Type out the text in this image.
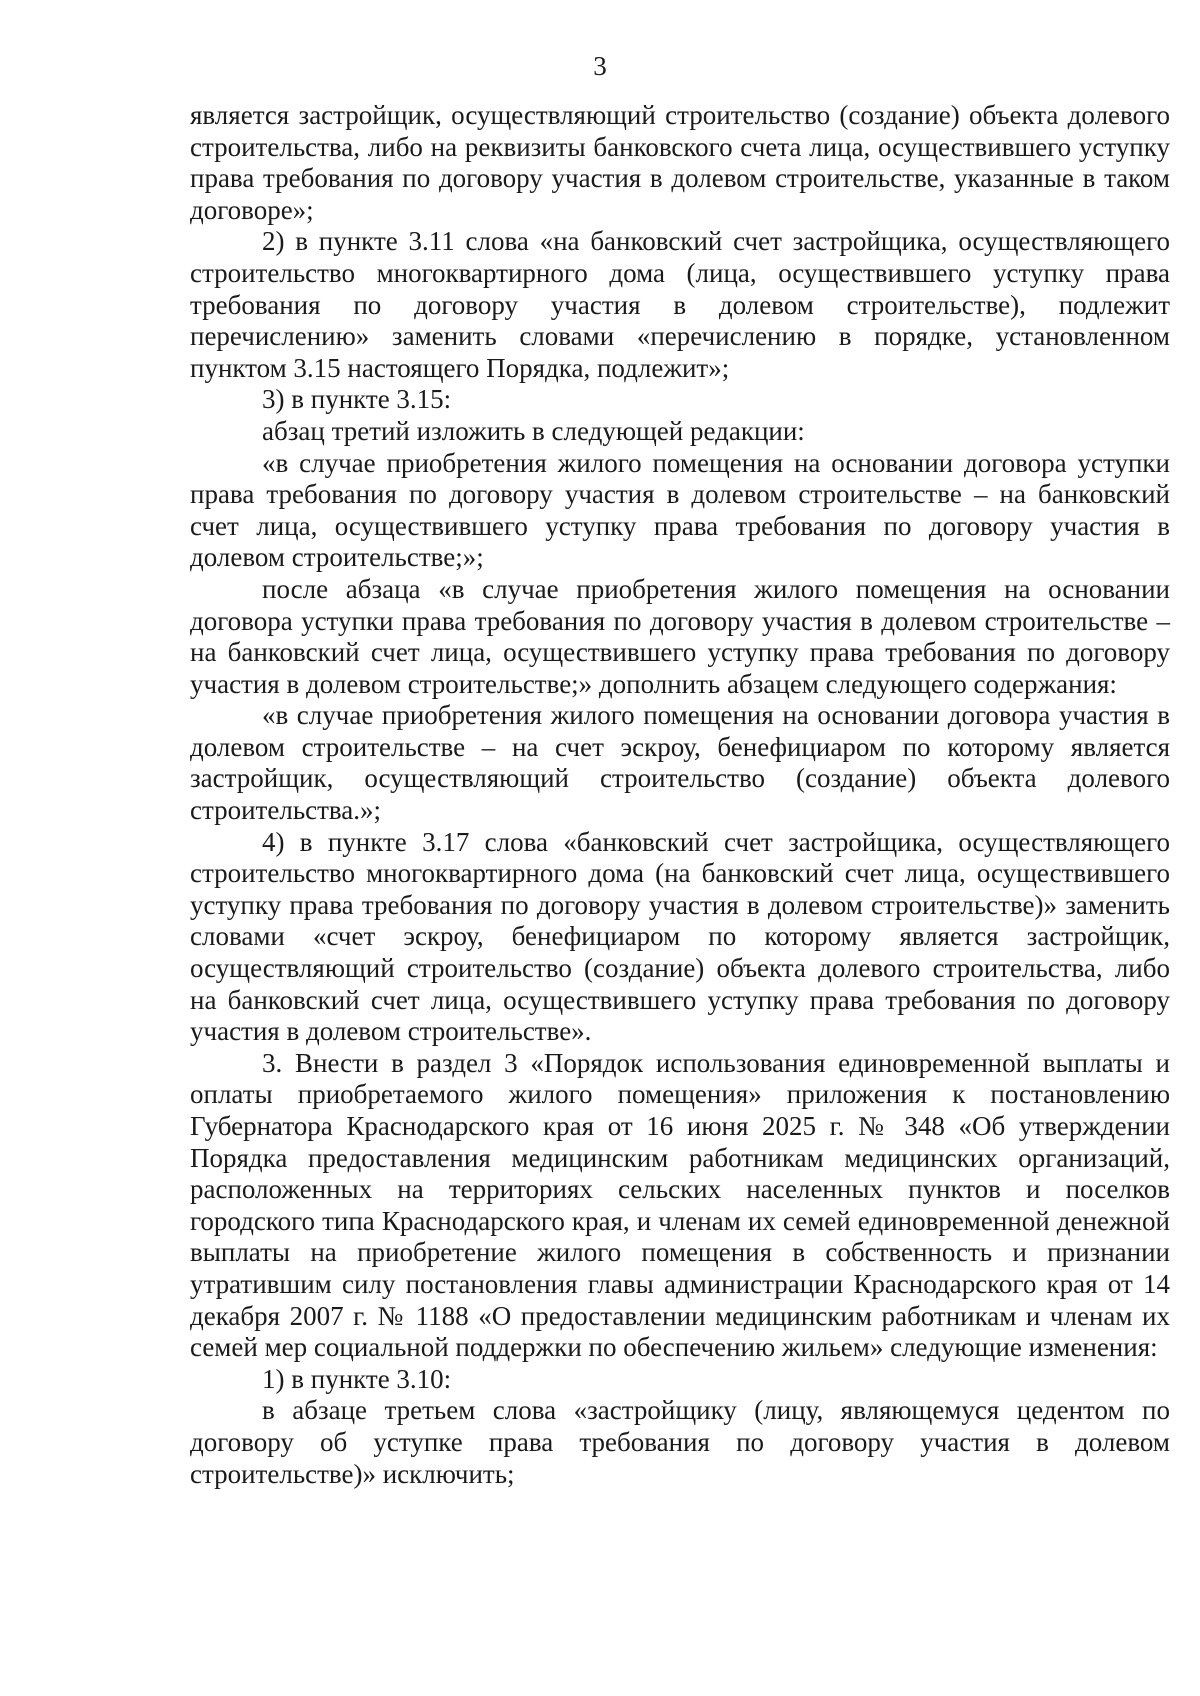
3

является застройщик, осуществляющий строительство (создание) объекта долевого строительства, либо на реквизиты банковского счета лица, осуществившего уступку права требования по договору участия в долевом строительстве, указанные в таком договоре»;

2) в пункте 3.11 слова «на банковский счет застройщика, осуществляющего строительство многоквартирного дома (лица, осуществившего уступку права требования по договору участия в долевом строительстве), подлежит перечислению» заменить словами «перечислению в порядке, установленном пунктом 3.15 настоящего Порядка, подлежит»;

3) в пункте 3.15:

абзац третий изложить в следующей редакции:

«в случае приобретения жилого помещения на основании договора уступки права требования по договору участия в долевом строительстве – на банковский счет лица, осуществившего уступку права требования по договору участия в долевом строительстве;»;

после абзаца «в случае приобретения жилого помещения на основании договора уступки права требования по договору участия в долевом строительстве – на банковский счет лица, осуществившего уступку права требования по договору участия в долевом строительстве;» дополнить абзацем следующего содержания:

«в случае приобретения жилого помещения на основании договора участия в долевом строительстве – на счет эскроу, бенефициаром по которому является застройщик, осуществляющий строительство (создание) объекта долевого строительства.»;

4) в пункте 3.17 слова «банковский счет застройщика, осуществляющего строительство многоквартирного дома (на банковский счет лица, осуществившего уступку права требования по договору участия в долевом строительстве)» заменить словами «счет эскроу, бенефициаром по которому является застройщик, осуществляющий строительство (создание) объекта долевого строительства, либо на банковский счет лица, осуществившего уступку права требования по договору участия в долевом строительстве».

3. Внести в раздел 3 «Порядок использования единовременной выплаты и оплаты приобретаемого жилого помещения» приложения к постановлению Губернатора Краснодарского края от 16 июня 2025 г. № 348 «Об утверждении Порядка предоставления медицинским работникам медицинских организаций, расположенных на территориях сельских населенных пунктов и поселков городского типа Краснодарского края, и членам их семей единовременной денежной выплаты на приобретение жилого помещения в собственность и признании утратившим силу постановления главы администрации Краснодарского края от 14 декабря 2007 г. № 1188 «О предоставлении медицинским работникам и членам их семей мер социальной поддержки по обеспечению жильем» следующие изменения:

1) в пункте 3.10:

в абзаце третьем слова «застройщику (лицу, являющемуся цедентом по договору об уступке права требования по договору участия в долевом строительстве)» исключить;
